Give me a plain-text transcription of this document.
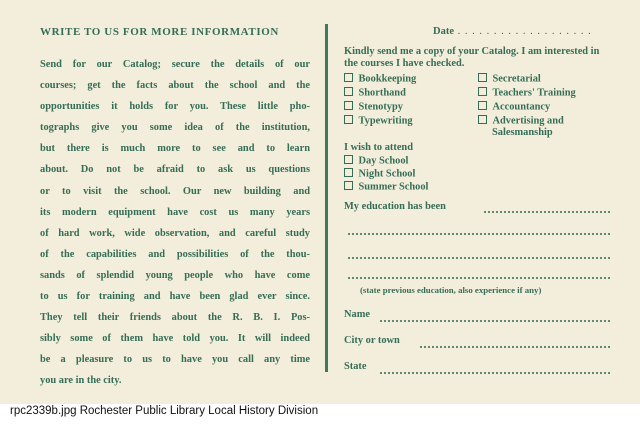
WRITE TO US FOR MORE INFORMATION
Send for our Catalog; secure the details of our
courses; get the facts about the school and the
opportunities it holds for you. These little pho-
tographs give you some idea of the institution,
but there is much more to see and to learn
about. Do not be afraid to ask us questions
or to visit the school. Our new building and
its modern equipment have cost us many years
of hard work, wide observation, and careful study
of the capabilities and possibilities of the thou-
sands of splendid young people who have come
to us for training and have been glad ever since.
They tell their friends about the R. B. I. Pos-
sibly some of them have told you. It will indeed
be a pleasure to us to have you call any time
you are in the city.
Date . . . . . . . . . . . . . . . . . . .
Kindly send me a copy of your Catalog. I am interested in the courses I have checked.
Bookkeeping
Shorthand
Stenotypy
Typewriting
Secretarial
Teachers' Training
Accountancy
Advertising and
Salesmanship
I wish to attend
Day School
Night School
Summer School
My education has been
(state previous education, also experience if any)
Name
City or town
State
rpc2339b.jpg Rochester Public Library Local History Division
